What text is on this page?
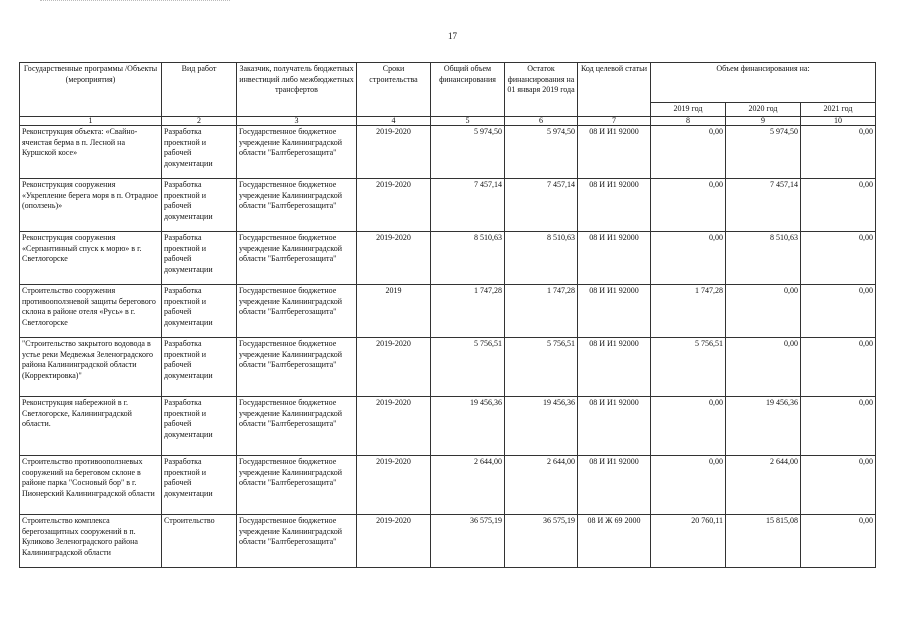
17
Государственные программы /Объекты (мероприятия)	Вид работ	Заказчик, получатель бюджетных инвестиций либо межбюджетных трансфертов	Сроки строительства	Общий объем финансирования	Остаток финансирования на 01 января 2019 года	Код целевой статьи	Объем финансирования на:		
							2019 год	2020 год	2021 год
1	2	3	4	5	6	7	8	9	10
Реконструкция объекта: «Свайно-ячеистая берма в п. Лесной на Куршской косе»	Разработка проектной и рабочей документации	Государственное бюджетное учреждение Калининградской области "Балтберегозащита"	2019-2020	5 974,50	5 974,50	08 И И1 92000	0,00	5 974,50	0,00
Реконструкция сооружения «Укрепление берега моря в п. Отрадное (оползень)»	Разработка проектной и рабочей документации	Государственное бюджетное учреждение Калининградской области "Балтберегозащита"	2019-2020	7 457,14	7 457,14	08 И И1 92000	0,00	7 457,14	0,00
Реконструкция сооружения «Серпантинный спуск к морю» в г. Светлогорске	Разработка проектной и рабочей документации	Государственное бюджетное учреждение Калининградской области "Балтберегозащита"	2019-2020	8 510,63	8 510,63	08 И И1 92000	0,00	8 510,63	0,00
Строительство сооружения противооползневой защиты берегового склона в районе отеля «Русь» в г. Светлогорске	Разработка проектной и рабочей документации	Государственное бюджетное учреждение Калининградской области "Балтберегозащита"	2019	1 747,28	1 747,28	08 И И1 92000	1 747,28	0,00	0,00
"Строительство закрытого водовода в устье реки Медвежья Зеленоградского района Калининградской области (Корректировка)"	Разработка проектной и рабочей документации	Государственное бюджетное учреждение Калининградской области "Балтберегозащита"	2019-2020	5 756,51	5 756,51	08 И И1 92000	5 756,51	0,00	0,00
Реконструкция набережной в г. Светлогорске, Калининградской области.	Разработка проектной и рабочей документации	Государственное бюджетное учреждение Калининградской области "Балтберегозащита"	2019-2020	19 456,36	19 456,36	08 И И1 92000	0,00	19 456,36	0,00
Строительство противооползневых сооружений на береговом склоне в районе парка "Сосновый бор" в г. Пионерский Калининградской области	Разработка проектной и рабочей документации	Государственное бюджетное учреждение Калининградской области "Балтберегозащита"	2019-2020	2 644,00	2 644,00	08 И И1 92000	0,00	2 644,00	0,00
Строительство комплекса берегозащитных сооружений в п. Куликово Зеленоградского района Калининградской области	Строительство	Государственное бюджетное учреждение Калининградской области "Балтберегозащита"	2019-2020	36 575,19	36 575,19	08 И Ж 69 2000	20 760,11	15 815,08	0,00
